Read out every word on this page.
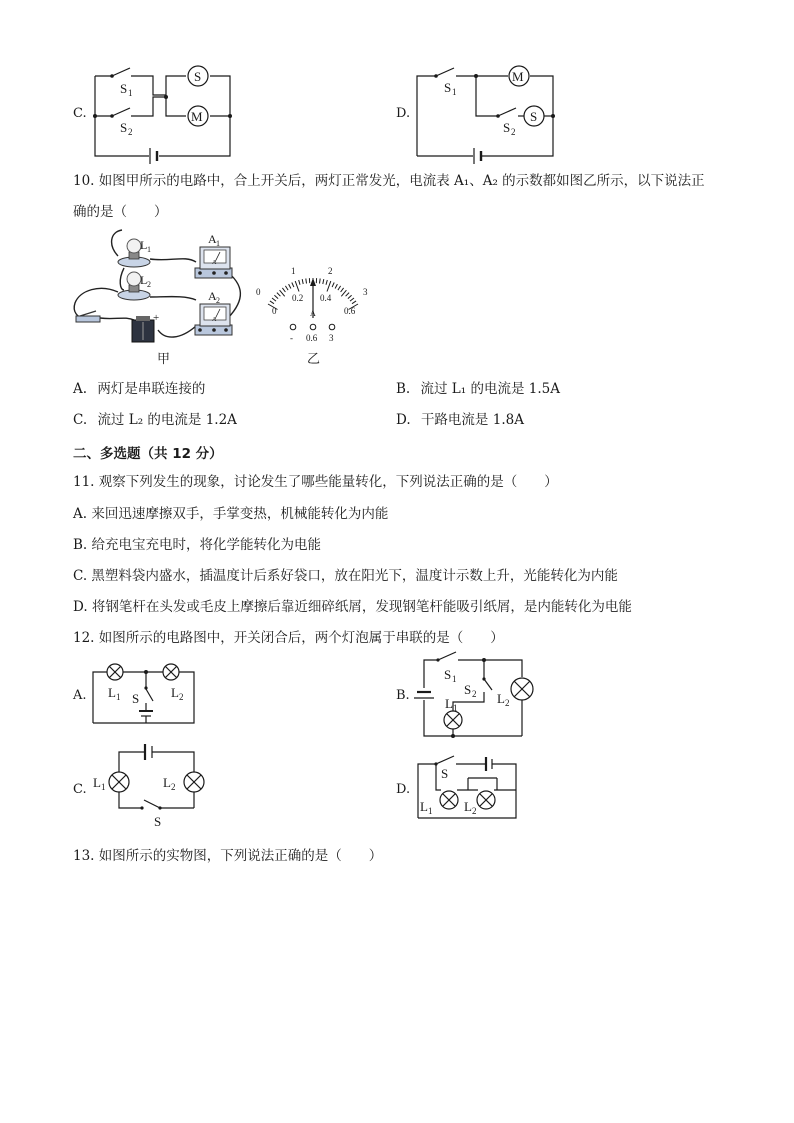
C.
S
M
S 1
S 2
D.
M
S
S 1
S 2
10. 如图甲所示的电路中，合上开关后，两灯正常发光，电流表 A₁、A₂ 的示数都如图乙所示，以下说法正
确的是（　　）
L 1
L 2
A 1
A 2
+
A
A
甲
0
1	2
3
0
0.2 0.4
0.6
A
- 0.6 3
乙
A. 两灯是串联连接的	B. 流过 L₁ 的电流是 1.5A
C. 流过 L₂ 的电流是 1.2A	D. 干路电流是 1.8A
二、多选题（共 12 分）
11. 观察下列发生的现象，讨论发生了哪些能量转化，下列说法正确的是（　　）
A. 来回迅速摩擦双手，手掌变热，机械能转化为内能
B. 给充电宝充电时，将化学能转化为电能
C. 黑塑料袋内盛水，插温度计后系好袋口，放在阳光下，温度计示数上升，光能转化为内能
D. 将钢笔杆在头发或毛皮上摩擦后靠近细碎纸屑，发现钢笔杆能吸引纸屑，是内能转化为电能
12. 如图所示的电路图中，开关闭合后，两个灯泡属于串联的是（　　）
A. L 1	L 2
S	B.
S 1
S 2
L 1
L 2
C. L 1	L 2
S
D.
S
L 1 L 2
13. 如图所示的实物图，下列说法正确的是（　　）
